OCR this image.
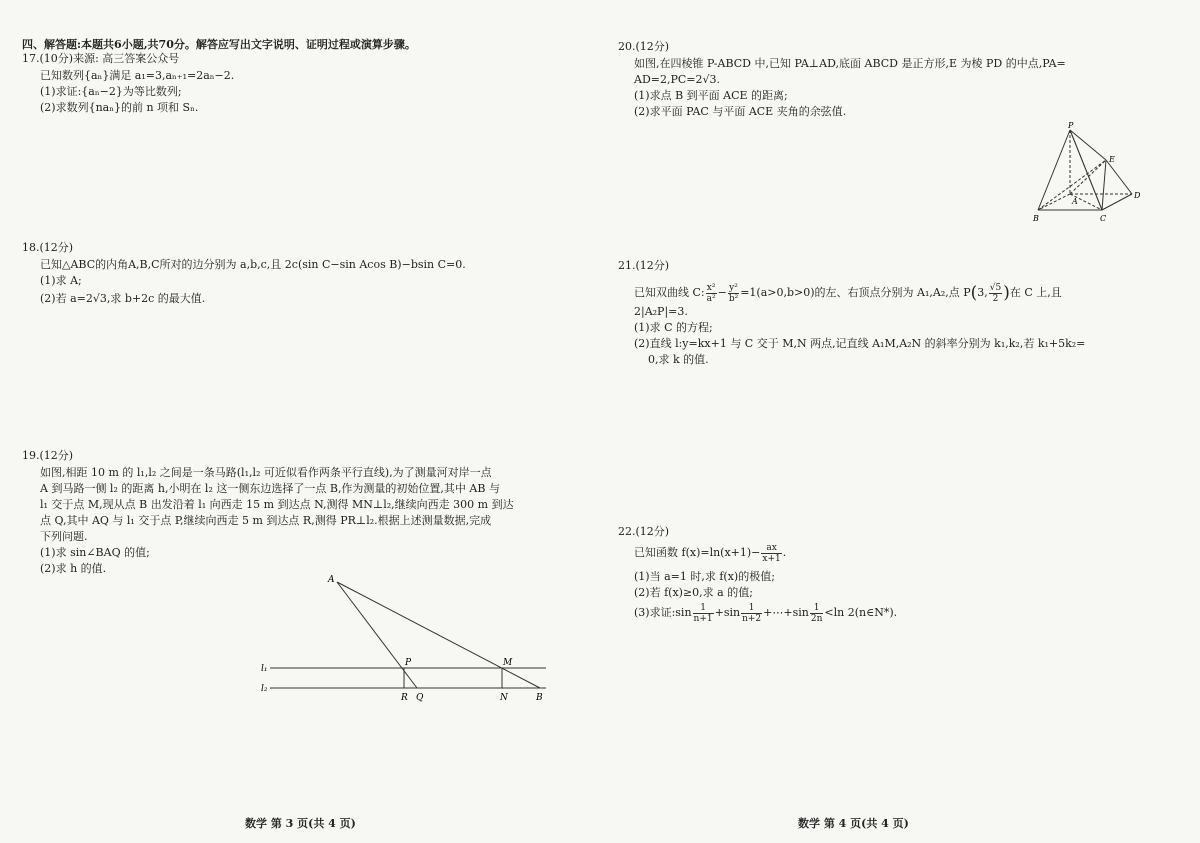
四、解答题:本题共6小题,共70分。解答应写出文字说明、证明过程或演算步骤。
17.(10分)来源: 高三答案公众号
已知数列{aₙ}满足 a₁=3,aₙ₊₁=2aₙ−2.
(1)求证:{aₙ−2}为等比数列;
(2)求数列{naₙ}的前 n 项和 Sₙ.
18.(12分)
已知△ABC的内角A,B,C所对的边分别为 a,b,c,且 2c(sin C−sin Acos B)−bsin C=0.
(1)求 A;
(2)若 a=2√3,求 b+2c 的最大值.
19.(12分)
如图,相距 10 m 的 l₁,l₂ 之间是一条马路(l₁,l₂ 可近似看作两条平行直线),为了测量河对岸一点
A 到马路一侧 l₂ 的距离 h,小明在 l₂ 这一侧东边选择了一点 B,作为测量的初始位置,其中 AB 与
l₁ 交于点 M,现从点 B 出发沿着 l₁ 向西走 15 m 到达点 N,测得 MN⊥l₂,继续向西走 300 m 到达
点 Q,其中 AQ 与 l₁ 交于点 P,继续向西走 5 m 到达点 R,测得 PR⊥l₂.根据上述测量数据,完成
下列问题.
(1)求 sin∠BAQ 的值;
(2)求 h 的值.
A
P	M
R Q	N	B
l₁
l₂
数学 第 3 页(共 4 页)
20.(12分)
如图,在四棱锥 P-ABCD 中,已知 PA⊥AD,底面 ABCD 是正方形,E 为棱 PD 的中点,PA=
AD=2,PC=2√3.
(1)求点 B 到平面 ACE 的距离;
(2)求平面 PAC 与平面 ACE 夹角的余弦值.
P
E
A
D
B	C
21.(12分)
已知双曲线 C: $\frac{\text{x²}}{\text{a²}} - \frac{\text{y²}}{\text{b²}} =1(a>0,b>0)$的左、右顶点分别为 A₁,A₂,点 P(3, $\frac{√5}{2}$ )在 C 上,且
2|A₂P|=3.
(1)求 C 的方程;
(2)直线 l:y=kx+1 与 C 交于 M,N 两点,记直线 A₁M,A₂N 的斜率分别为 k₁,k₂,若 k₁+5k₂=
0,求 k 的值.
22.(12分)
已知函数 $f(x)=\ln(x+1)- \frac{ax}{x+1}$ .
(1)当 a=1 时,求 f(x)的极值;
(2)若 f(x)≥0,求 a 的值;
(3)求证:sin $\frac{1}{n+1} +\sin \frac{1}{n+2}$ +⋯+sin $\frac{1}{2n} <\ln$ 2(n∈N*).
数学 第 4 页(共 4 页)
